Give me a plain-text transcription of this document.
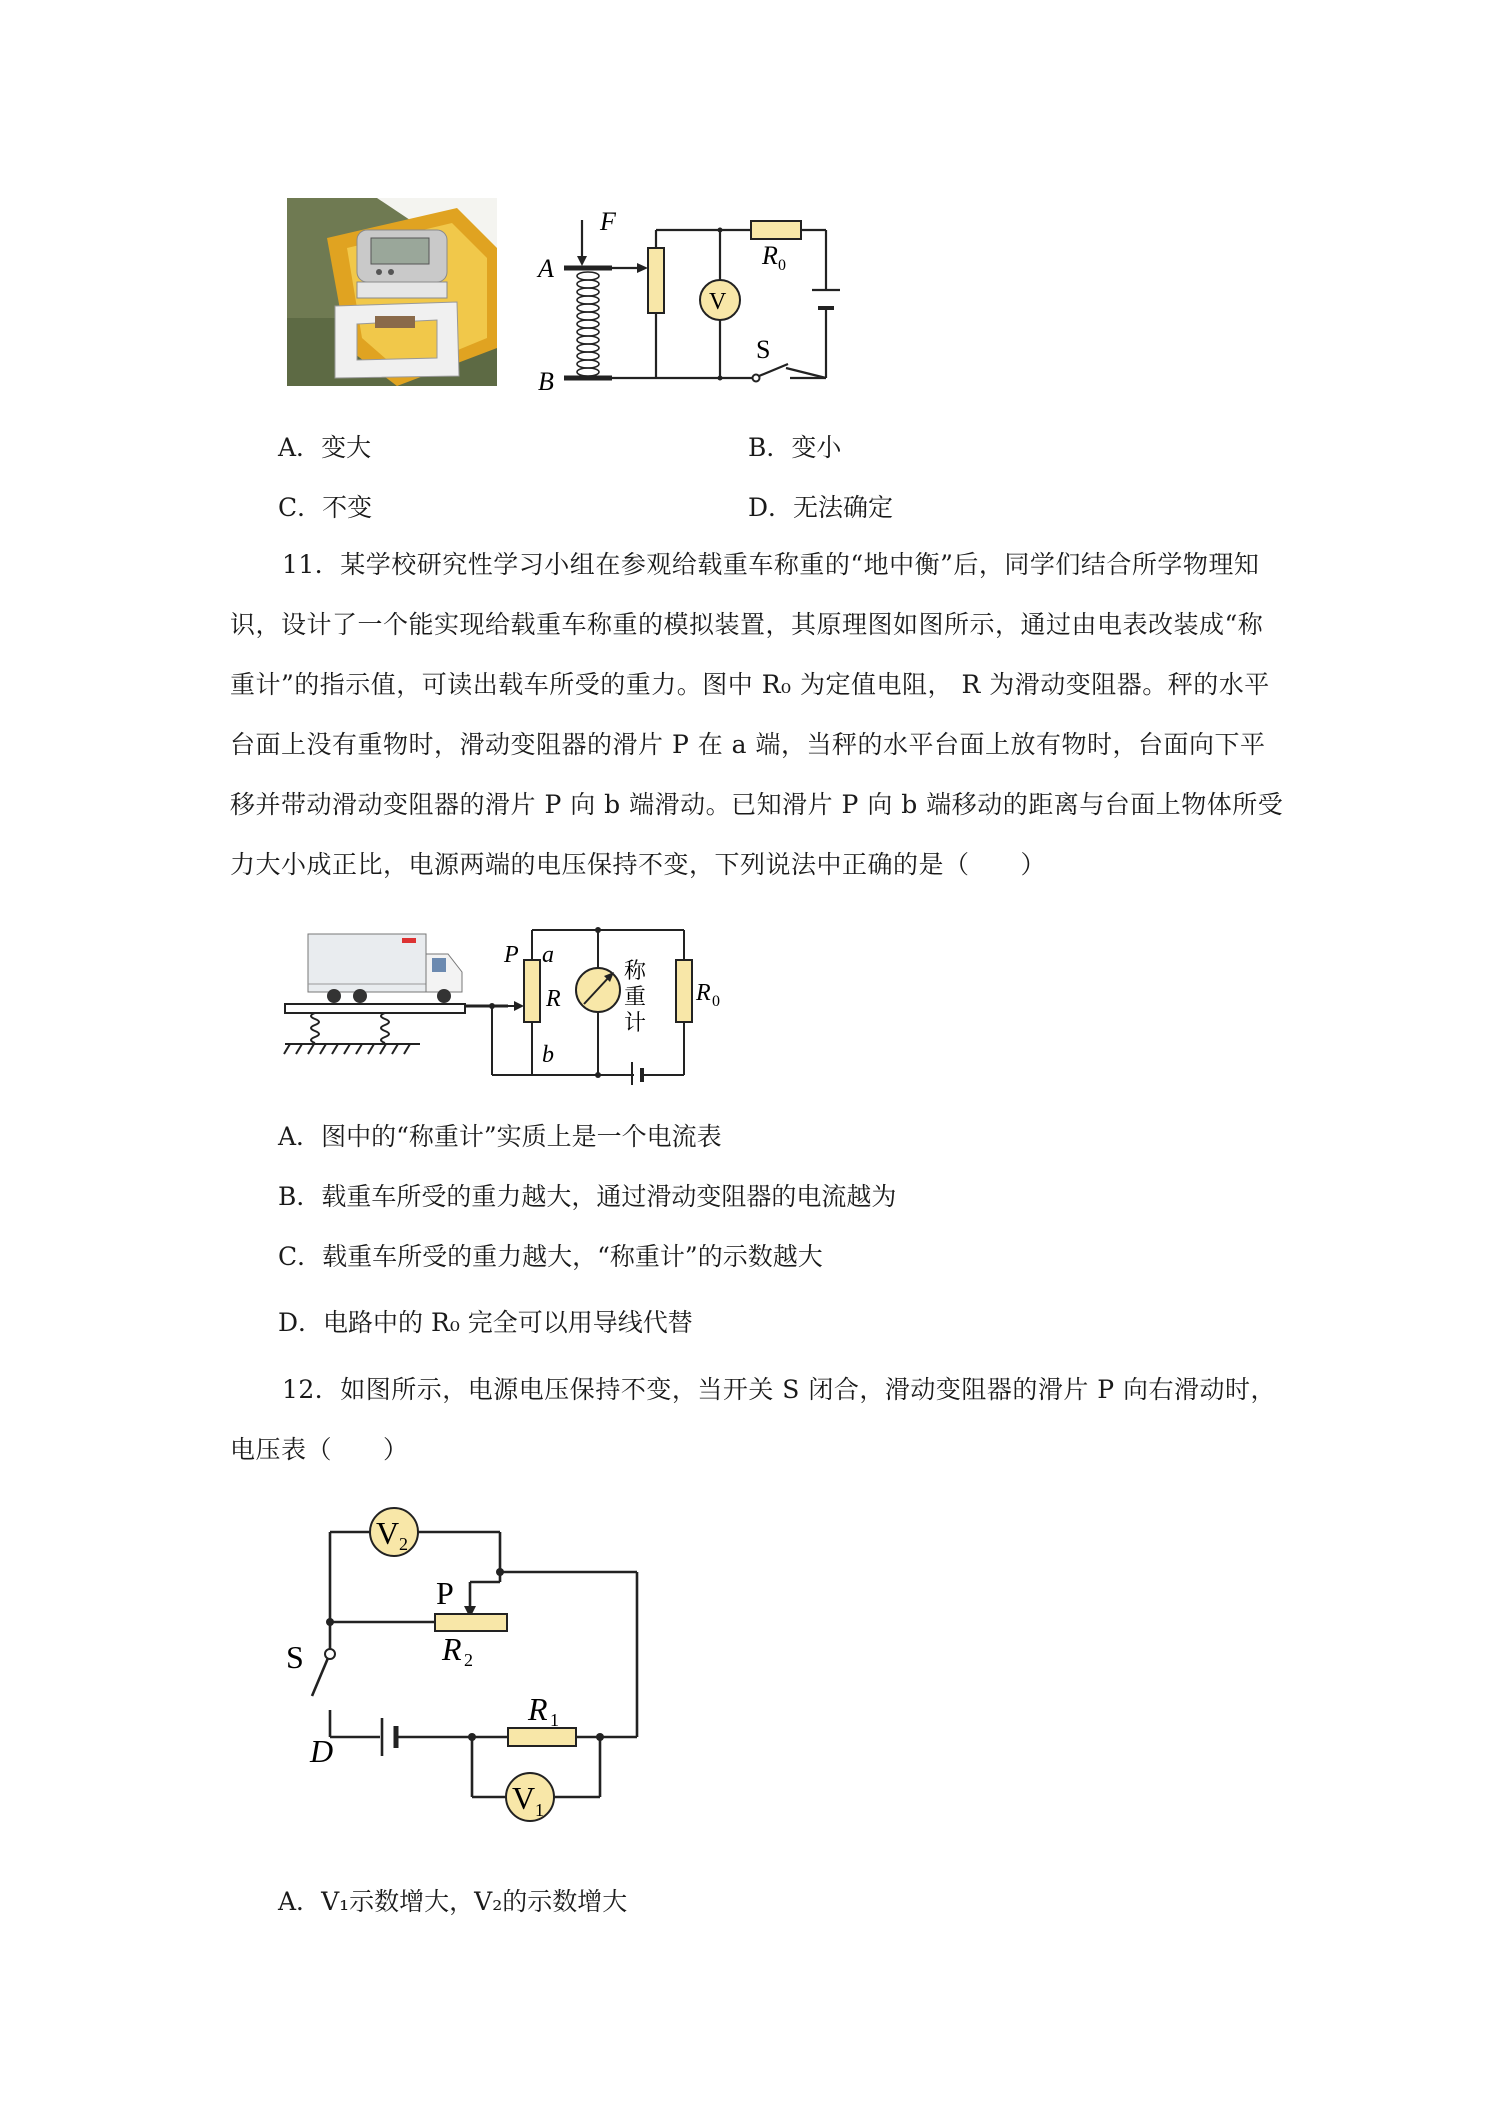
F
A
B
R 0
V
S
A．变大	B．变小
C．不变	D．无法确定
11．某学校研究性学习小组在参观给载重车称重的“地中衡”后，同学们结合所学物理知
识，设计了一个能实现给载重车称重的模拟装置，其原理图如图所示，通过由电表改装成“称
重计”的指示值，可读出载车所受的重力。图中 R₀ 为定值电阻， R 为滑动变阻器。秤的水平
台面上没有重物时，滑动变阻器的滑片 P 在 a 端，当秤的水平台面上放有物时，台面向下平
移并带动滑动变阻器的滑片 P 向 b 端滑动。已知滑片 P 向 b 端移动的距离与台面上物体所受
力大小成正比，电源两端的电压保持不变，下列说法中正确的是（　　）
P a
R
b
称
重
计
R 0
A．图中的“称重计”实质上是一个电流表
B．载重车所受的重力越大，通过滑动变阻器的电流越为
C．载重车所受的重力越大，“称重计”的示数越大
D．电路中的 R₀ 完全可以用导线代替
12．如图所示，电源电压保持不变，当开关 S 闭合，滑动变阻器的滑片 P 向右滑动时，
电压表（　　）
V 2
P
R 2
S
D
R 1
V 1
A．V₁示数增大，V₂的示数增大
